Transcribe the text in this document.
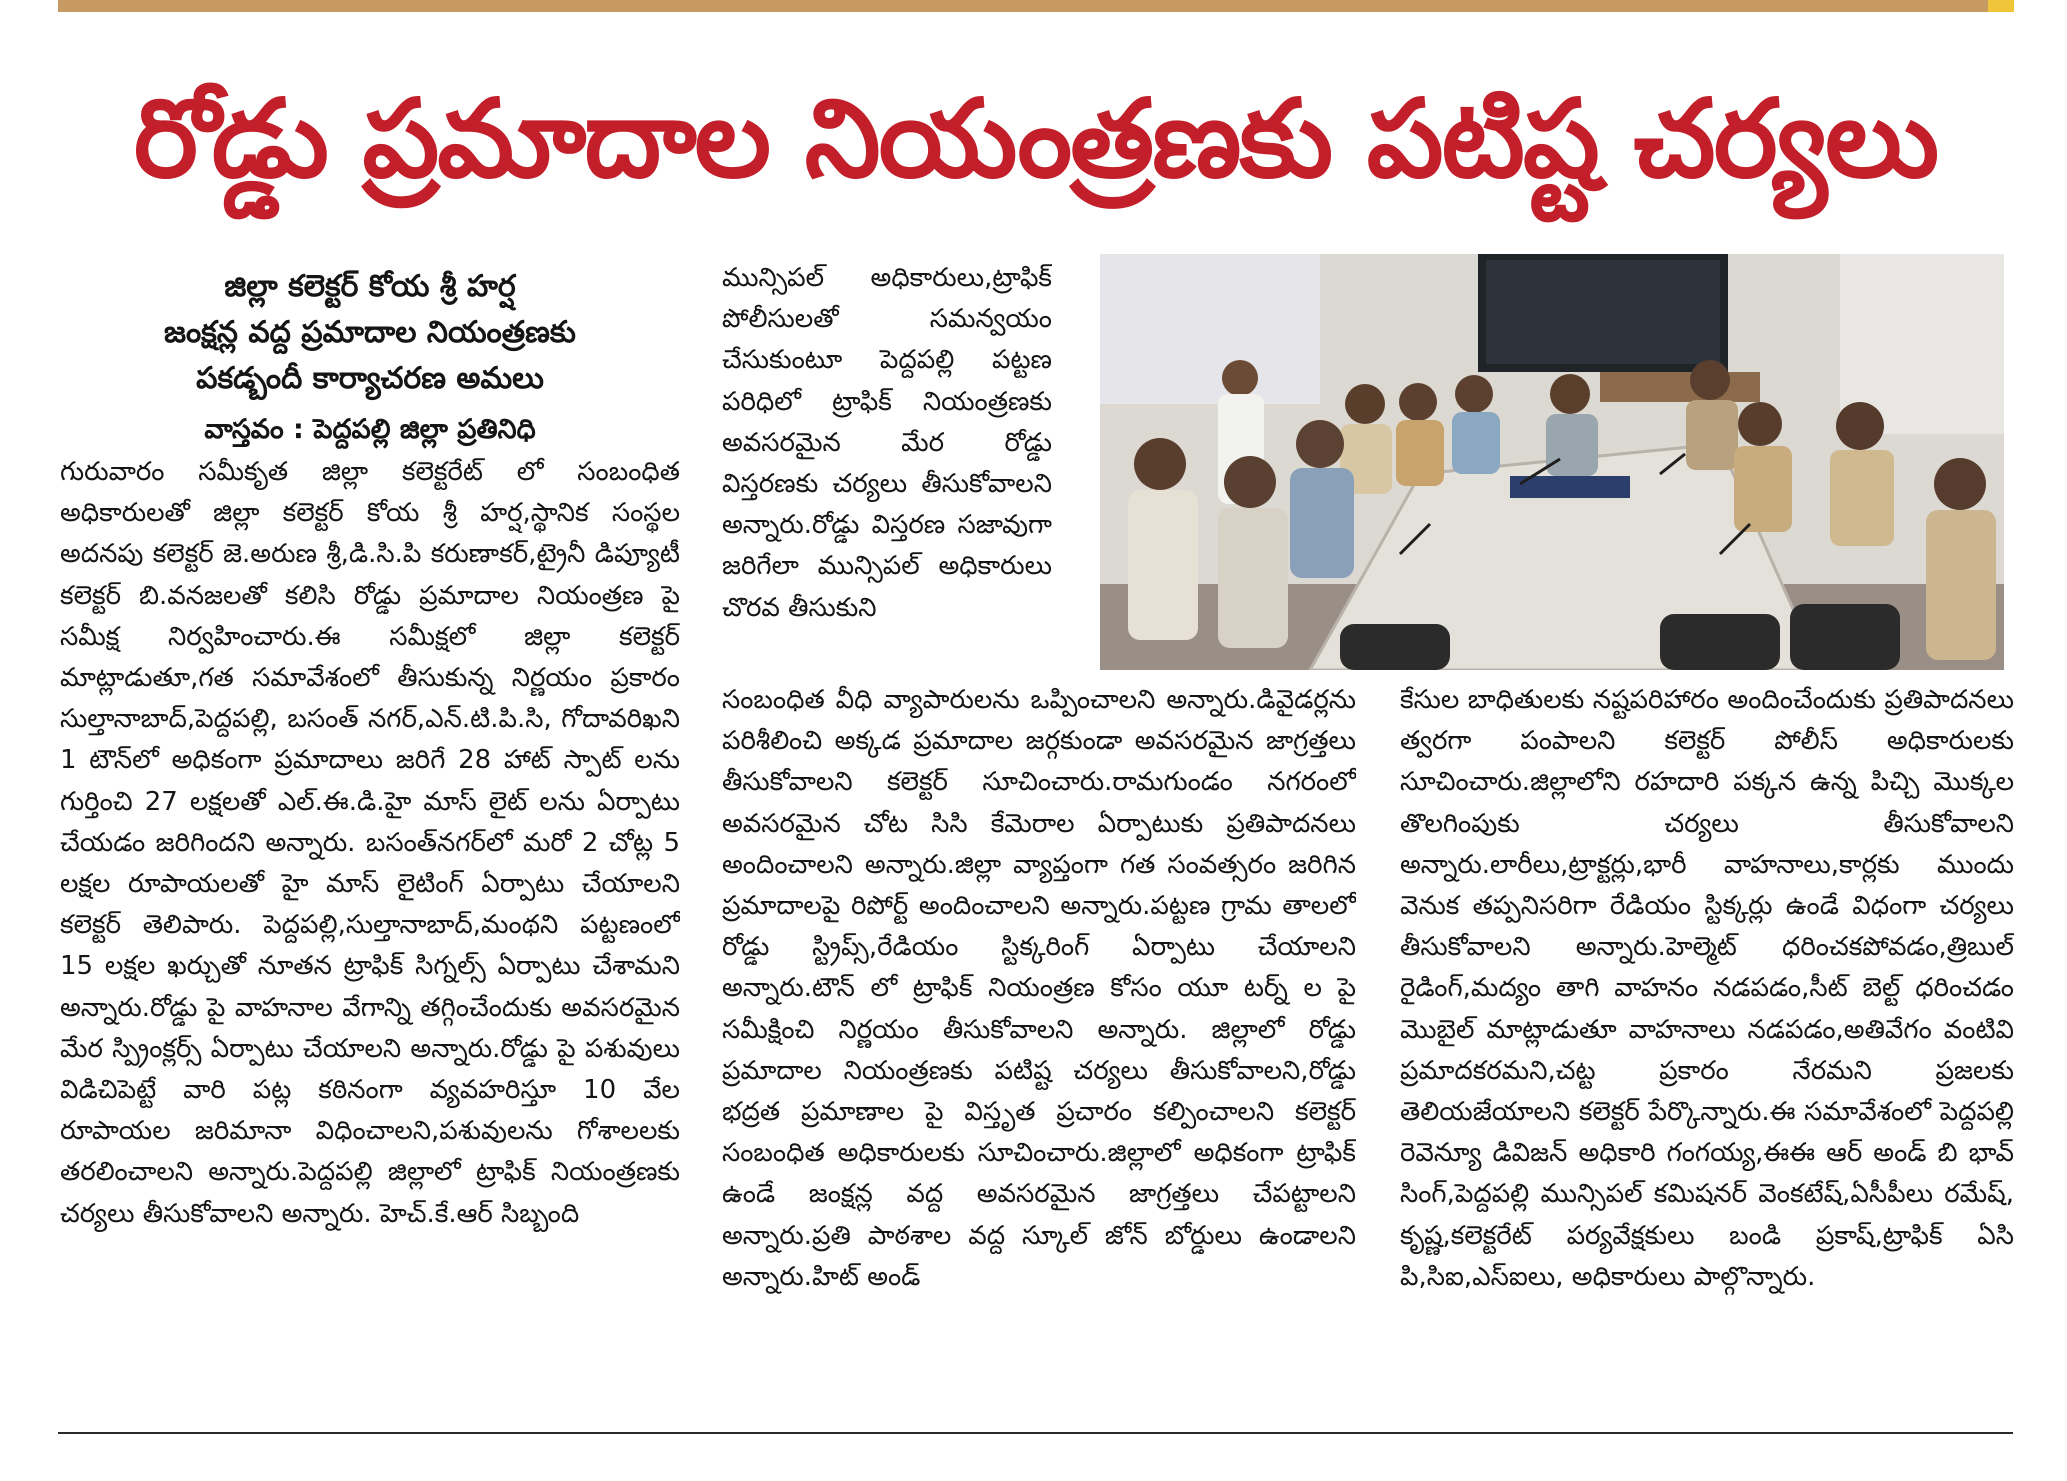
రోడ్డు ప్రమాదాల నియంత్రణకు పటిష్ట చర్యలు
జిల్లా కలెక్టర్ కోయ శ్రీ హర్ష
జంక్షన్ల వద్ద ప్రమాదాల నియంత్రణకు
పకడ్బందీ కార్యాచరణ అమలు
వాస్తవం : పెద్దపల్లి జిల్లా ప్రతినిధి

గురువారం సమీకృత జిల్లా కలెక్టరేట్ లో సంబంధిత అధికారులతో జిల్లా కలెక్టర్ కోయ శ్రీ హర్ష,స్థానిక సంస్థల అదనపు కలెక్టర్ జె.అరుణ శ్రీ,డి.సి.పి కరుణాకర్,ట్రైనీ డిప్యూటీ కలెక్టర్ బి.వనజలతో కలిసి రోడ్డు ప్రమాదాల నియంత్రణ పై సమీక్ష నిర్వహించారు.ఈ సమీక్షలో జిల్లా కలెక్టర్ మాట్లాడుతూ,గత సమావేశంలో తీసుకున్న నిర్ణయం ప్రకారం సుల్తానాబాద్,పెద్దపల్లి, బసంత్ నగర్,ఎన్.టి.పి.సి, గోదావరిఖని 1 టౌన్‌లో అధికంగా ప్రమాదాలు జరిగే 28 హాట్ స్పాట్ లను గుర్తించి 27 లక్షలతో ఎల్.ఈ.డి.హై మాస్ లైట్ లను ఏర్పాటు చేయడం జరిగిందని అన్నారు. బసంత్‌నగర్‌లో మరో 2 చోట్ల 5 లక్షల రూపాయలతో హై మాస్ లైటింగ్ ఏర్పాటు చేయాలని కలెక్టర్ తెలిపారు. పెద్దపల్లి,సుల్తానాబాద్,మంథని పట్టణంలో 15 లక్షల ఖర్చుతో నూతన ట్రాఫిక్ సిగ్నల్స్ ఏర్పాటు చేశామని అన్నారు.రోడ్డు పై వాహనాల వేగాన్ని తగ్గించేందుకు అవసరమైన మేర స్ప్రింక్లర్స్ ఏర్పాటు చేయాలని అన్నారు.రోడ్డు పై పశువులు విడిచిపెట్టే వారి పట్ల కఠినంగా వ్యవహరిస్తూ 10 వేల రూపాయల జరిమానా విధించాలని,పశువులను గోశాలలకు తరలించాలని అన్నారు.పెద్దపల్లి జిల్లాలో ట్రాఫిక్ నియంత్రణకు చర్యలు తీసుకోవాలని అన్నారు. హెచ్.కే.ఆర్ సిబ్బంది

మున్సిపల్ అధికారులు,ట్రాఫిక్ పోలీసులతో సమన్వయం చేసుకుంటూ పెద్దపల్లి పట్టణ పరిధిలో ట్రాఫిక్ నియంత్రణకు అవసరమైన మేర రోడ్డు విస్తరణకు చర్యలు తీసుకోవాలని అన్నారు.రోడ్డు విస్తరణ సజావుగా జరిగేలా మున్సిపల్ అధికారులు చొరవ తీసుకుని

సంబంధిత వీధి వ్యాపారులను ఒప్పించాలని అన్నారు.డివైడర్లను పరిశీలించి అక్కడ ప్రమాదాల జర్గకుండా అవసరమైన జాగ్రత్తలు తీసుకోవాలని కలెక్టర్ సూచించారు.రామగుండం నగరంలో అవసరమైన చోట సిసి కేమెరాల ఏర్పాటుకు ప్రతిపాదనలు అందించాలని అన్నారు.జిల్లా వ్యాప్తంగా గత సంవత్సరం జరిగిన ప్రమాదాలపై రిపోర్ట్ అందించాలని అన్నారు.పట్టణ గ్రామ తాలలో రోడ్డు స్ట్రిప్స్,రేడియం స్టిక్కరింగ్ ఏర్పాటు చేయాలని అన్నారు.టౌన్ లో ట్రాఫిక్ నియంత్రణ కోసం యూ టర్న్ ల పై సమీక్షించి నిర్ణయం తీసుకోవాలని అన్నారు. జిల్లాలో రోడ్డు ప్రమాదాల నియంత్రణకు పటిష్ట చర్యలు తీసుకోవాలని,రోడ్డు భద్రత ప్రమాణాల పై విస్తృత ప్రచారం కల్పించాలని కలెక్టర్ సంబంధిత అధికారులకు సూచించారు.జిల్లాలో అధికంగా ట్రాఫిక్ ఉండే జంక్షన్ల వద్ద అవసరమైన జాగ్రత్తలు చేపట్టాలని అన్నారు.ప్రతి పాఠశాల వద్ద స్కూల్ జోన్ బోర్డులు ఉండాలని అన్నారు.హిట్ అండ్

కేసుల బాధితులకు నష్టపరిహారం అందించేందుకు ప్రతిపాదనలు త్వరగా పంపాలని కలెక్టర్ పోలీస్ అధికారులకు సూచించారు.జిల్లాలోని రహదారి పక్కన ఉన్న పిచ్చి మొక్కల తొలగింపుకు చర్యలు తీసుకోవాలని అన్నారు.లారీలు,ట్రాక్టర్లు,భారీ వాహనాలు,కార్లకు ముందు వెనుక తప్పనిసరిగా రేడియం స్టిక్కర్లు ఉండే విధంగా చర్యలు తీసుకోవాలని అన్నారు.హెల్మెట్ ధరించకపోవడం,త్రిబుల్ రైడింగ్,మద్యం తాగి వాహనం నడపడం,సీట్ బెల్ట్ ధరించడం మొబైల్ మాట్లాడుతూ వాహనాలు నడపడం,అతివేగం వంటివి ప్రమాదకరమని,చట్ట ప్రకారం నేరమని ప్రజలకు తెలియజేయాలని కలెక్టర్ పేర్కొన్నారు.ఈ సమావేశంలో పెద్దపల్లి రెవెన్యూ డివిజన్ అధికారి గంగయ్య,ఈఈ ఆర్ అండ్ బి భావ్ సింగ్,పెద్దపల్లి మున్సిపల్ కమిషనర్ వెంకటేష్,ఏసీపీలు రమేష్, కృష్ణ,కలెక్టరేట్ పర్యవేక్షకులు బండి ప్రకాష్,ట్రాఫిక్ ఏసి పి,సిఐ,ఎస్ఐలు, అధికారులు పాల్గొన్నారు.
